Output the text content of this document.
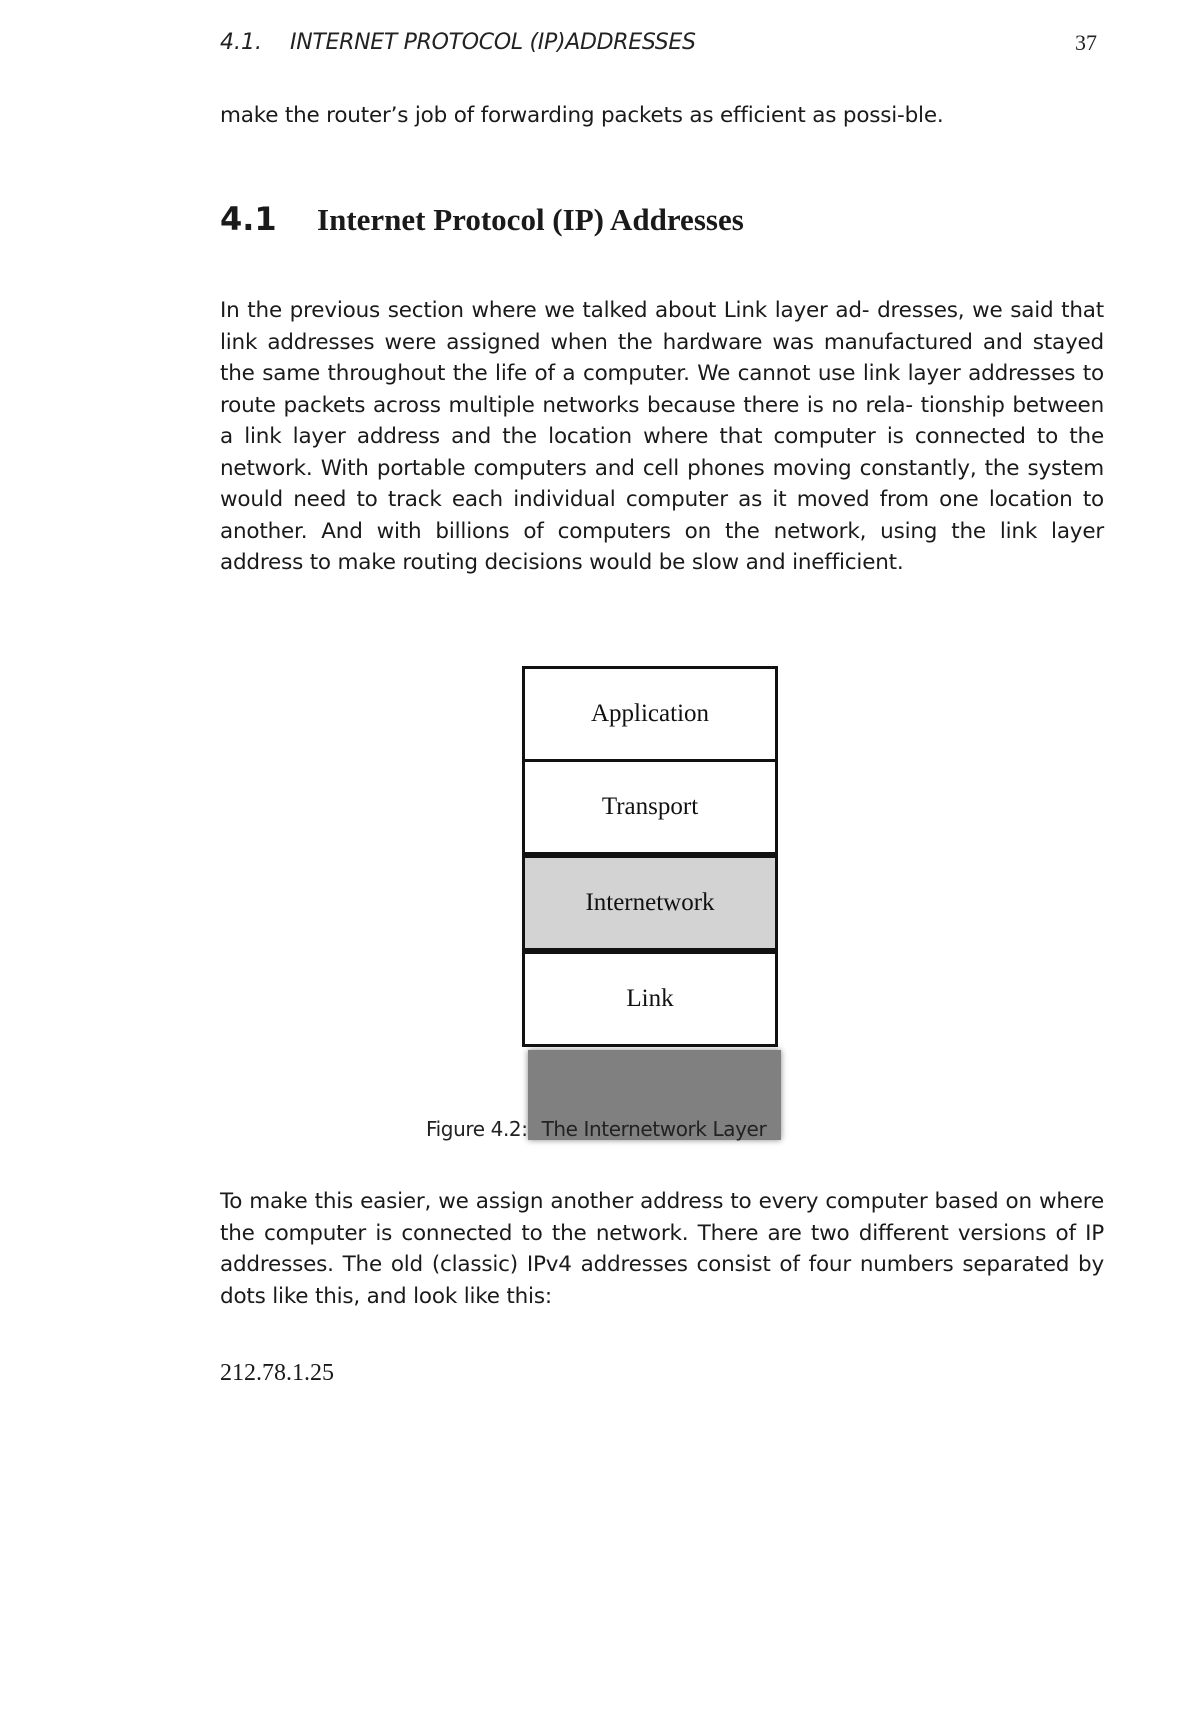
4.1. INTERNET PROTOCOL (IP)ADDRESSES	37
make the router’s job of forwarding packets as efficient as possi-ble.
4.1 Internet Protocol (IP) Addresses
In the previous section where we talked about Link layer ad- dresses, we said that link addresses were assigned when the hardware was manufactured and stayed the same throughout the life of a computer. We cannot use link layer addresses to route packets across multiple networks because there is no rela- tionship between a link layer address and the location where that computer is connected to the network. With portable computers and cell phones moving constantly, the system would need to track each individual computer as it moved from one location to another. And with billions of computers on the network, using the link layer address to make routing decisions would be slow and inefficient.
Application
Transport
Internetwork
Link
Figure 4.2: The Internetwork Layer
To make this easier, we assign another address to every computer based on where the computer is connected to the network. There are two different versions of IP addresses. The old (classic) IPv4 addresses consist of four numbers separated by dots like this, and look like this:
212.78.1.25
